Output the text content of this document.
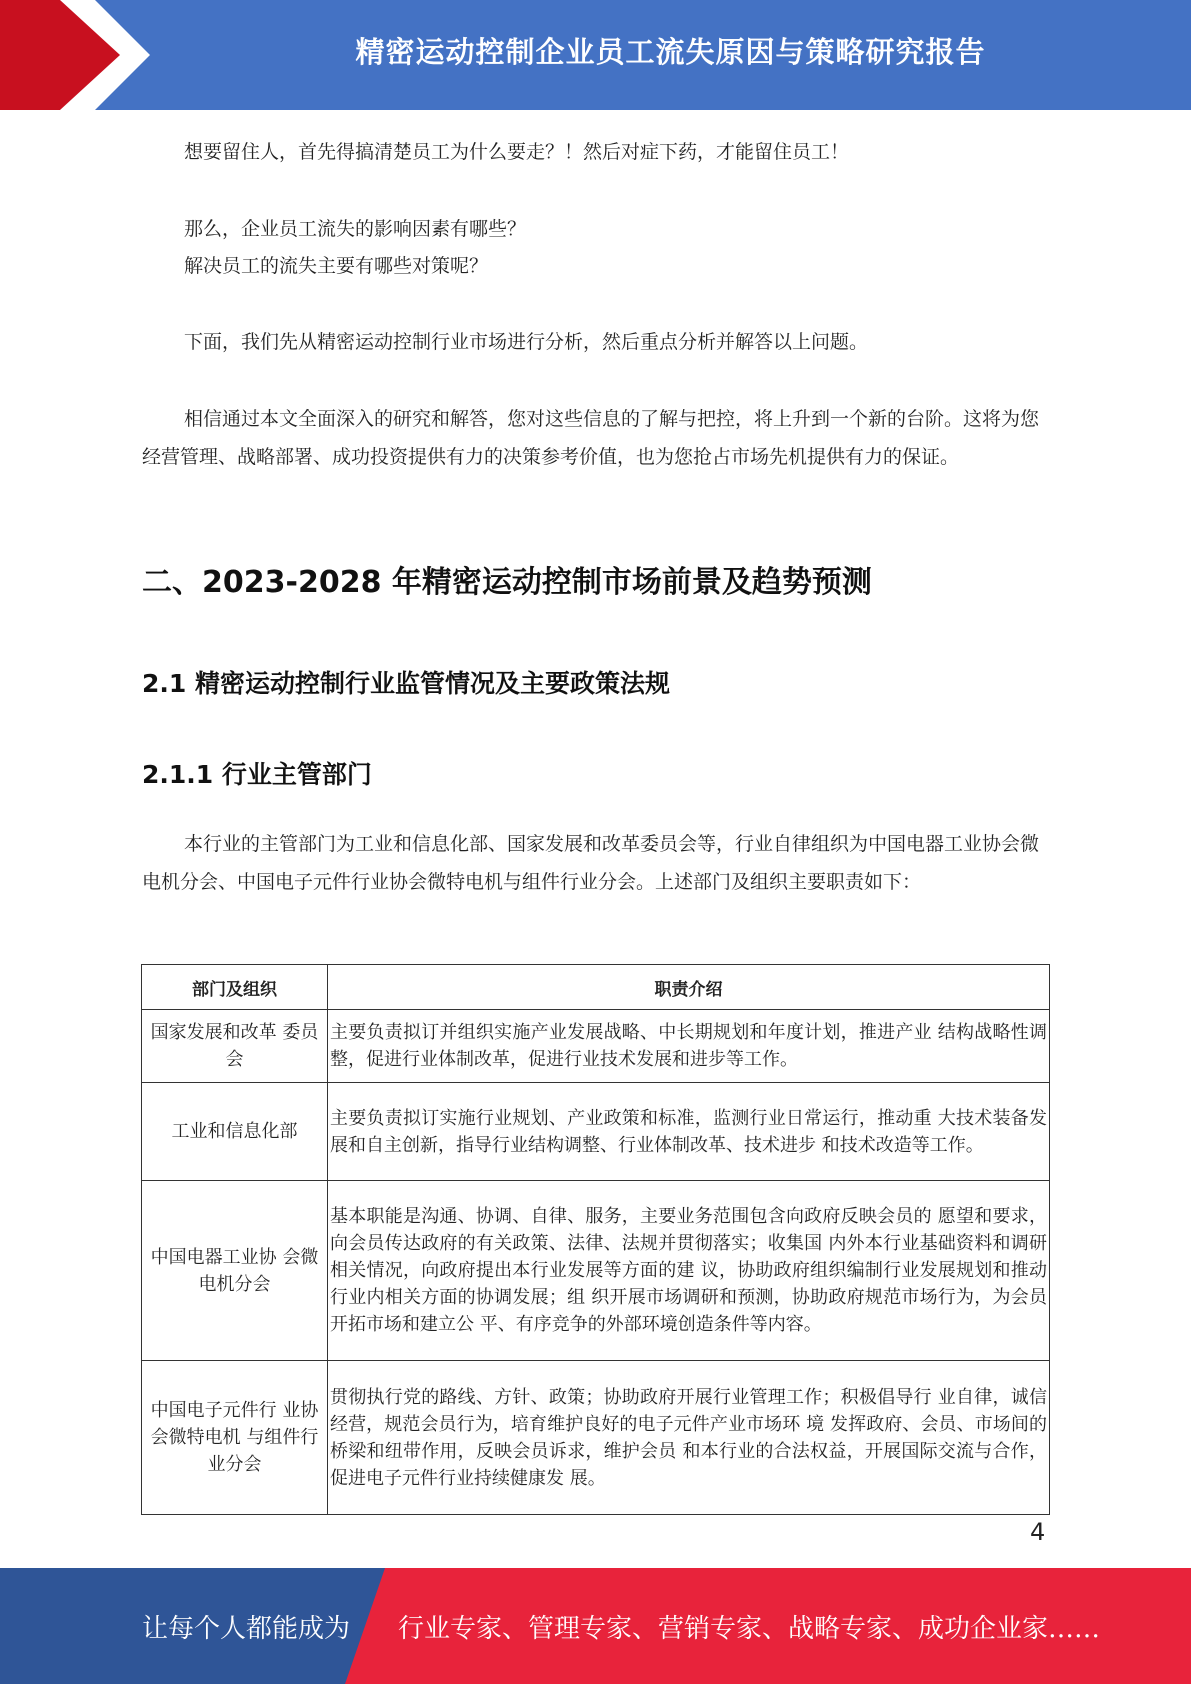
精密运动控制企业员工流失原因与策略研究报告
想要留住人，首先得搞清楚员工为什么要走？！然后对症下药，才能留住员工！
那么，企业员工流失的影响因素有哪些？
解决员工的流失主要有哪些对策呢？
下面，我们先从精密运动控制行业市场进行分析，然后重点分析并解答以上问题。
相信通过本文全面深入的研究和解答，您对这些信息的了解与把控，将上升到一个新的台阶。这将为您经营管理、战略部署、成功投资提供有力的决策参考价值，也为您抢占市场先机提供有力的保证。
二、2023-2028 年精密运动控制市场前景及趋势预测
2.1 精密运动控制行业监管情况及主要政策法规
2.1.1 行业主管部门
本行业的主管部门为工业和信息化部、国家发展和改革委员会等，行业自律组织为中国电器工业协会微电机分会、中国电子元件行业协会微特电机与组件行业分会。上述部门及组织主要职责如下：
部门及组织	职责介绍
国家发展和改革 委员会	主要负责拟订并组织实施产业发展战略、中长期规划和年度计划，推进产业 结构战略性调整，促进行业体制改革，促进行业技术发展和进步等工作。
工业和信息化部	主要负责拟订实施行业规划、产业政策和标准，监测行业日常运行，推动重 大技术装备发展和自主创新，指导行业结构调整、行业体制改革、技术进步 和技术改造等工作。
中国电器工业协 会微电机分会	基本职能是沟通、协调、自律、服务，主要业务范围包含向政府反映会员的 愿望和要求，向会员传达政府的有关政策、法律、法规并贯彻落实；收集国 内外本行业基础资料和调研相关情况，向政府提出本行业发展等方面的建 议，协助政府组织编制行业发展规划和推动行业内相关方面的协调发展；组 织开展市场调研和预测，协助政府规范市场行为，为会员开拓市场和建立公 平、有序竞争的外部环境创造条件等内容。
中国电子元件行 业协会微特电机 与组件行业分会	贯彻执行党的路线、方针、政策；协助政府开展行业管理工作；积极倡导行 业自律，诚信经营，规范会员行为，培育维护良好的电子元件产业市场环 境 发挥政府、会员、市场间的桥梁和纽带作用，反映会员诉求，维护会员 和本行业的合法权益，开展国际交流与合作，促进电子元件行业持续健康发 展。
4
让每个人都能成为 行业专家、管理专家、营销专家、战略专家、成功企业家……
